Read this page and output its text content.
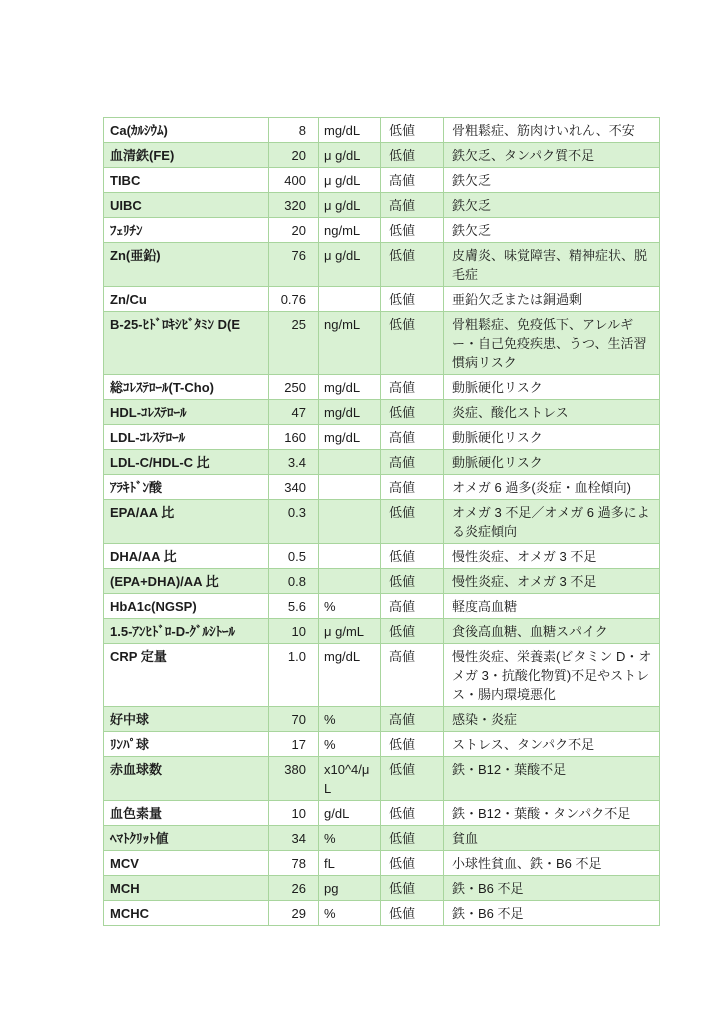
Ca(ｶﾙｼｳﾑ)	8	mg/dL	低値	骨粗鬆症、筋肉けいれん、不安
血清鉄(FE)	20	μ g/dL	低値	鉄欠乏、タンパク質不足
TIBC	400	μ g/dL	高値	鉄欠乏
UIBC	320	μ g/dL	高値	鉄欠乏
ﾌｪﾘﾁﾝ	20	ng/mL	低値	鉄欠乏
Zn(亜鉛)	76	μ g/dL	低値	皮膚炎、味覚障害、精神症状、脱毛症
Zn/Cu	0.76		低値	亜鉛欠乏または銅過剰
B-25-ﾋﾄﾞﾛｷｼﾋﾞﾀﾐﾝ D(E	25	ng/mL	低値	骨粗鬆症、免疫低下、アレルギー・自己免疫疾患、うつ、生活習慣病リスク
総ｺﾚｽﾃﾛｰﾙ(T-Cho)	250	mg/dL	高値	動脈硬化リスク
HDL-ｺﾚｽﾃﾛｰﾙ	47	mg/dL	低値	炎症、酸化ストレス
LDL-ｺﾚｽﾃﾛｰﾙ	160	mg/dL	高値	動脈硬化リスク
LDL-C/HDL-C 比	3.4		高値	動脈硬化リスク
ｱﾗｷﾄﾞﾝ酸	340		高値	オメガ 6 過多(炎症・血栓傾向)
EPA/AA 比	0.3		低値	オメガ 3 不足／オメガ 6 過多による炎症傾向
DHA/AA 比	0.5		低値	慢性炎症、オメガ 3 不足
(EPA+DHA)/AA 比	0.8		低値	慢性炎症、オメガ 3 不足
HbA1c(NGSP)	5.6	%	高値	軽度高血糖
1.5-ｱﾝﾋﾄﾞﾛ-D-ｸﾞﾙｼﾄｰﾙ	10	μ g/mL	低値	食後高血糖、血糖スパイク
CRP 定量	1.0	mg/dL	高値	慢性炎症、栄養素(ビタミン D・オメガ 3・抗酸化物質)不足やストレス・腸内環境悪化
好中球	70	%	高値	感染・炎症
ﾘﾝﾊﾟ球	17	%	低値	ストレス、タンパク不足
赤血球数	380	x10^4/μ L	低値	鉄・B12・葉酸不足
血色素量	10	g/dL	低値	鉄・B12・葉酸・タンパク不足
ﾍﾏﾄｸﾘｯﾄ値	34	%	低値	貧血
MCV	78	fL	低値	小球性貧血、鉄・B6 不足
MCH	26	pg	低値	鉄・B6 不足
MCHC	29	%	低値	鉄・B6 不足
